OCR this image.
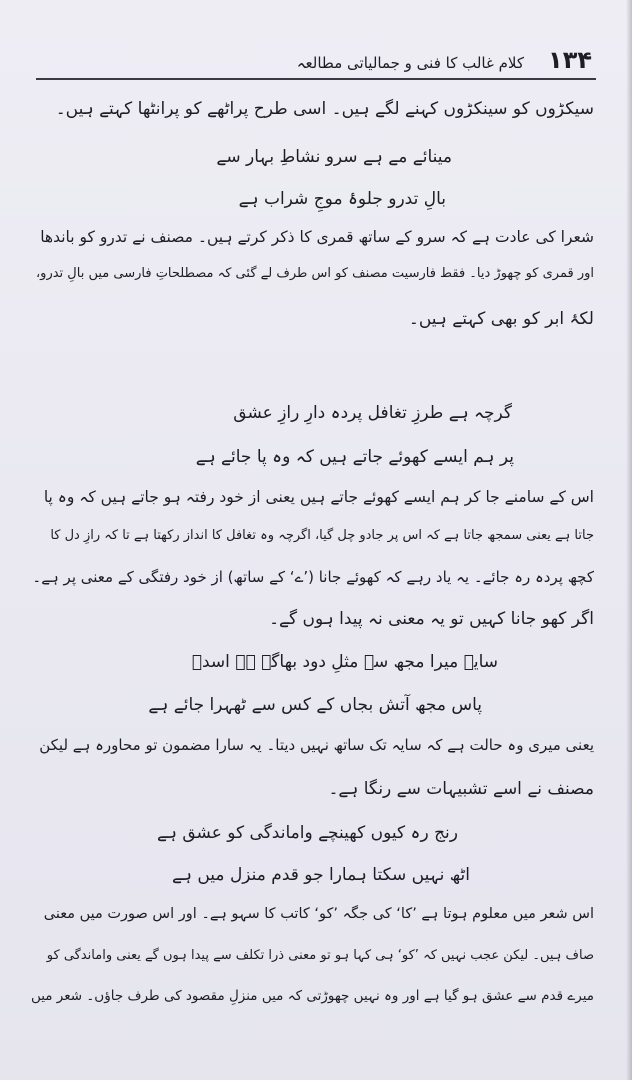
۱۳۴
کلام غالب کا فنی و جمالیاتی مطالعہ
سیکڑوں کو سینکڑوں کہنے لگے ہیں۔ اسی طرح پراٹھے کو پرانٹھا کہتے ہیں۔
مینائے مے ہے سرو نشاطِ بہار سے
بالِ تدرو جلوۂ موجِ شراب ہے
شعرا کی عادت ہے کہ سرو کے ساتھ قمری کا ذکر کرتے ہیں۔ مصنف نے تدرو کو باندھا
اور قمری کو چھوڑ دیا۔ فقط فارسیت مصنف کو اس طرف لے گئی کہ مصطلحاتِ فارسی میں بالِ تدرو،
لکۂ ابر کو بھی کہتے ہیں۔
گرچہ ہے طرزِ تغافل پردہ دارِ رازِ عشق
پر ہم ایسے کھوئے جاتے ہیں کہ وہ پا جائے ہے
اس کے سامنے جا کر ہم ایسے کھوئے جاتے ہیں یعنی از خود رفتہ ہو جاتے ہیں کہ وہ پا
جاتا ہے یعنی سمجھ جاتا ہے کہ اس پر جادو چل گیا، اگرچہ وہ تغافل کا انداز رکھتا ہے تا کہ رازِ دل کا
کچھ پردہ رہ جائے۔ یہ یاد رہے کہ کھوئے جانا (’ے‘ کے ساتھ) از خود رفتگی کے معنی پر ہے۔
اگر کھو جانا کہیں تو یہ معنی نہ پیدا ہوں گے۔
سایہ میرا مجھ سے مثلِ دود بھاگے ہے اسدؔ
پاس مجھ آتش بجاں کے کس سے ٹھہرا جائے ہے
یعنی میری وہ حالت ہے کہ سایہ تک ساتھ نہیں دیتا۔ یہ سارا مضمون تو محاورہ ہے لیکن
مصنف نے اسے تشبیہات سے رنگا ہے۔
رنج رہ کیوں کھینچے واماندگی کو عشق ہے
اٹھ نہیں سکتا ہمارا جو قدم منزل میں ہے
اس شعر میں معلوم ہوتا ہے ’کا‘ کی جگہ ’کو‘ کاتب کا سہو ہے۔ اور اس صورت میں معنی
صاف ہیں۔ لیکن عجب نہیں کہ ’کو‘ ہی کہا ہو تو معنی ذرا تکلف سے پیدا ہوں گے یعنی واماندگی کو
میرے قدم سے عشق ہو گیا ہے اور وہ نہیں چھوڑتی کہ میں منزلِ مقصود کی طرف جاؤں۔ شعر میں
